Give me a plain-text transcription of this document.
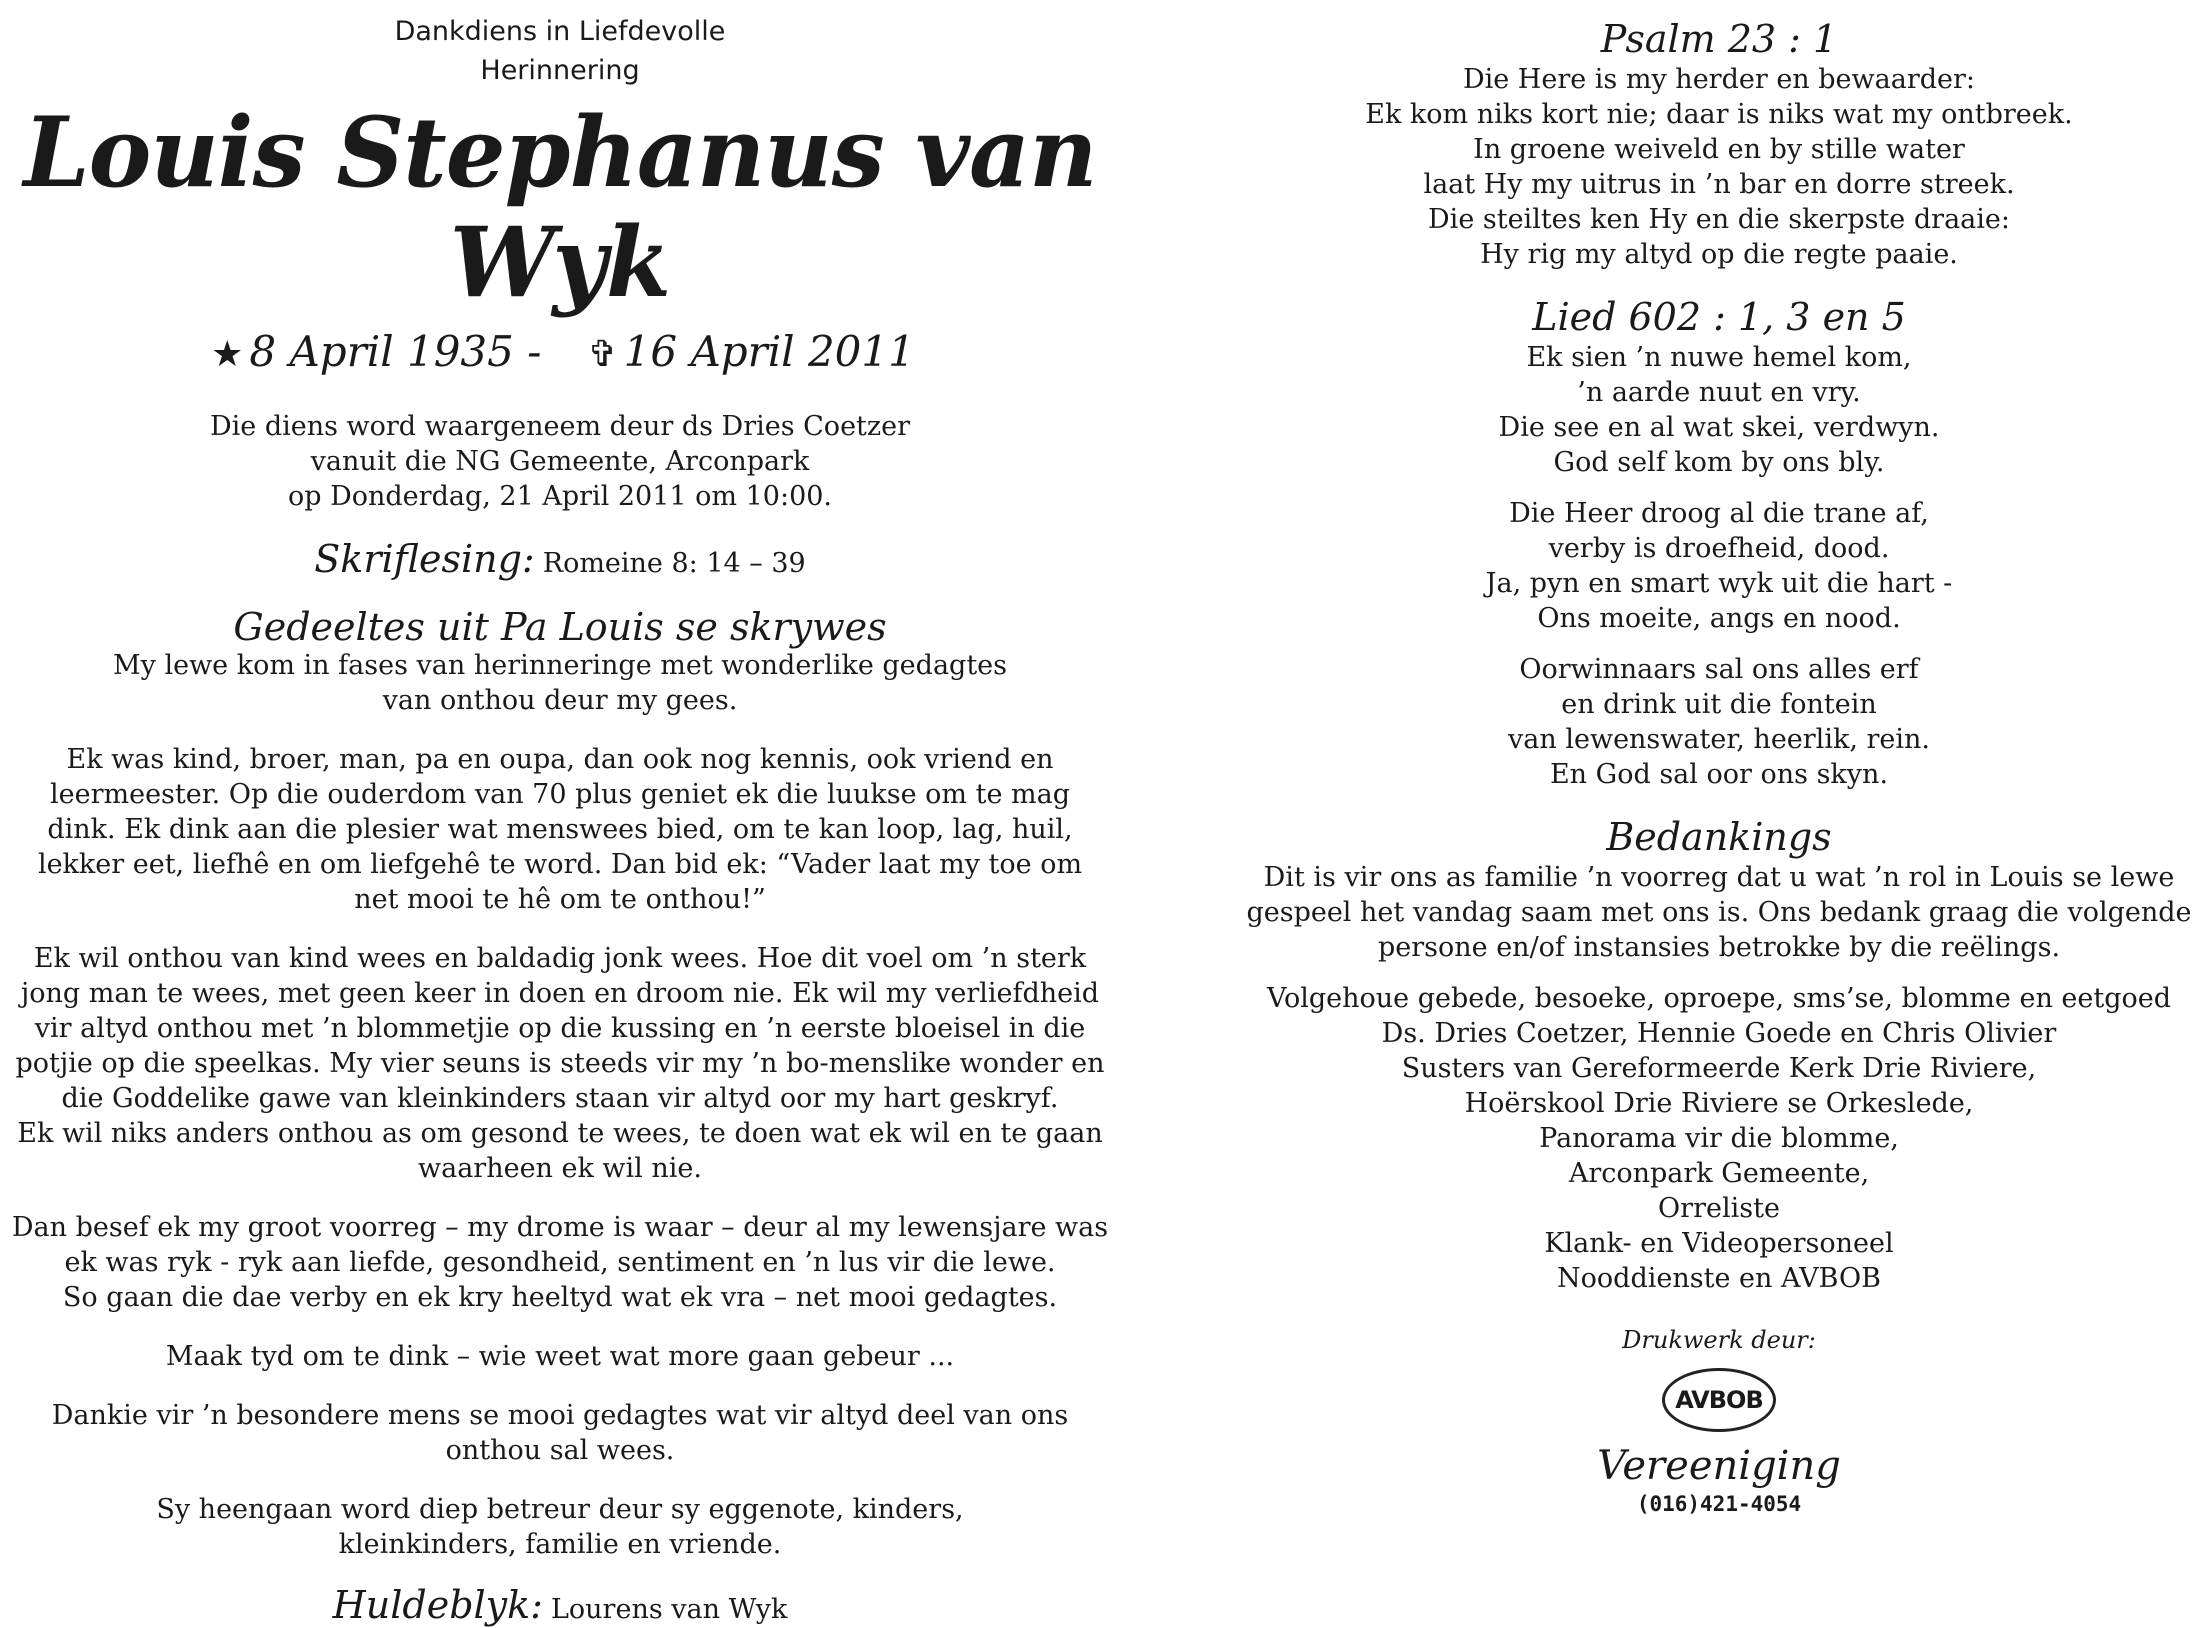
Dankdiens in Liefdevolle
Herinnering
Louis Stephanus van Wyk
★ 8 April 1935 - ✞ 16 April 2011
Die diens word waargeneem deur ds Dries Coetzer
vanuit die NG Gemeente, Arconpark
op Donderdag, 21 April 2011 om 10:00.
Skriflesing: Romeine 8: 14 – 39
Gedeeltes uit Pa Louis se skrywes
My lewe kom in fases van herinneringe met wonderlike gedagtes
van onthou deur my gees.
Ek was kind, broer, man, pa en oupa, dan ook nog kennis, ook vriend en
leermeester. Op die ouderdom van 70 plus geniet ek die luukse om te mag
dink. Ek dink aan die plesier wat menswees bied, om te kan loop, lag, huil,
lekker eet, liefhê en om liefgehê te word. Dan bid ek: “Vader laat my toe om
net mooi te hê om te onthou!”
Ek wil onthou van kind wees en baldadig jonk wees. Hoe dit voel om ’n sterk
jong man te wees, met geen keer in doen en droom nie. Ek wil my verliefdheid
vir altyd onthou met ’n blommetjie op die kussing en ’n eerste bloeisel in die
potjie op die speelkas. My vier seuns is steeds vir my ’n bo-menslike wonder en
die Goddelike gawe van kleinkinders staan vir altyd oor my hart geskryf.
Ek wil niks anders onthou as om gesond te wees, te doen wat ek wil en te gaan
waarheen ek wil nie.
Dan besef ek my groot voorreg – my drome is waar – deur al my lewensjare was
ek was ryk - ryk aan liefde, gesondheid, sentiment en ’n lus vir die lewe.
So gaan die dae verby en ek kry heeltyd wat ek vra – net mooi gedagtes.
Maak tyd om te dink – wie weet wat more gaan gebeur ...
Dankie vir ’n besondere mens se mooi gedagtes wat vir altyd deel van ons
onthou sal wees.
Sy heengaan word diep betreur deur sy eggenote, kinders,
kleinkinders, familie en vriende.
Huldeblyk: Lourens van Wyk
Psalm 23 : 1
Die Here is my herder en bewaarder:
Ek kom niks kort nie; daar is niks wat my ontbreek.
In groene weiveld en by stille water
laat Hy my uitrus in ’n bar en dorre streek.
Die steiltes ken Hy en die skerpste draaie:
Hy rig my altyd op die regte paaie.
Lied 602 : 1, 3 en 5
Ek sien ’n nuwe hemel kom,
’n aarde nuut en vry.
Die see en al wat skei, verdwyn.
God self kom by ons bly.
Die Heer droog al die trane af,
verby is droefheid, dood.
Ja, pyn en smart wyk uit die hart -
Ons moeite, angs en nood.
Oorwinnaars sal ons alles erf
en drink uit die fontein
van lewenswater, heerlik, rein.
En God sal oor ons skyn.
Bedankings
Dit is vir ons as familie ’n voorreg dat u wat ’n rol in Louis se lewe
gespeel het vandag saam met ons is. Ons bedank graag die volgende
persone en/of instansies betrokke by die reëlings.
Volgehoue gebede, besoeke, oproepe, sms’se, blomme en eetgoed
Ds. Dries Coetzer, Hennie Goede en Chris Olivier
Susters van Gereformeerde Kerk Drie Riviere,
Hoërskool Drie Riviere se Orkeslede,
Panorama vir die blomme,
Arconpark Gemeente,
Orreliste
Klank- en Videopersoneel
Nooddienste en AVBOB
Drukwerk deur:
AVBOB
Vereeniging
(016)421-4054
